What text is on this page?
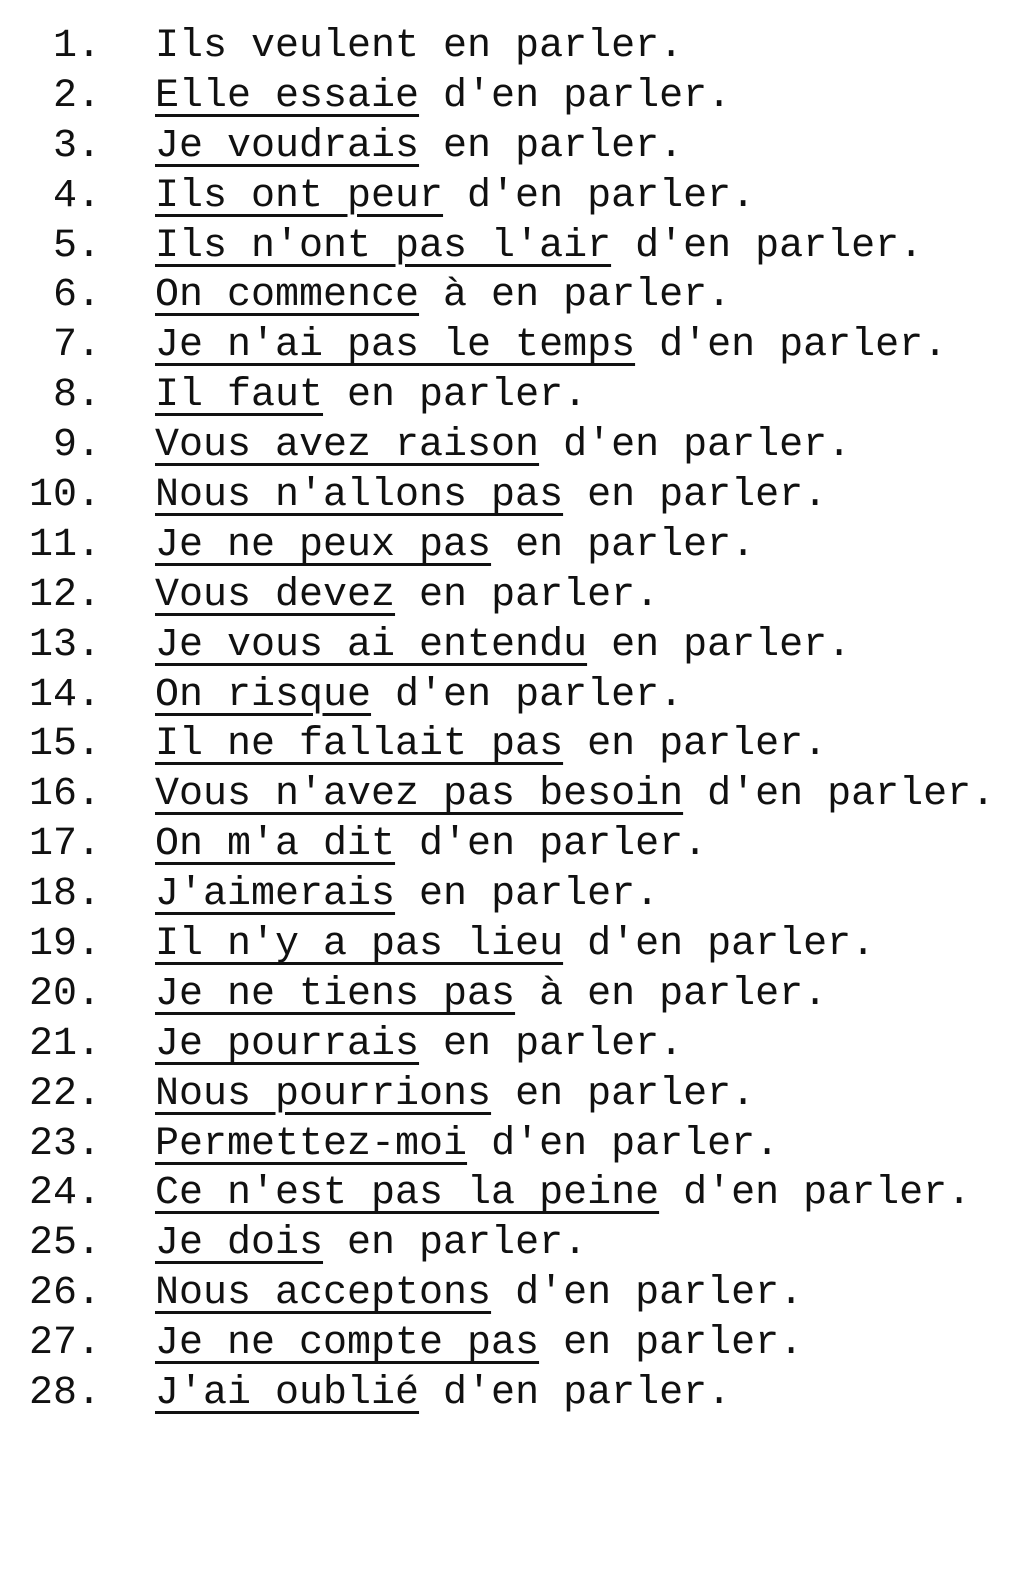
1.

Ils veulent en parler.

2.

Elle essaie d'en parler.

3.

Je voudrais en parler.

4.

Ils ont peur d'en parler.

5.

Ils n'ont pas l'air d'en parler.

6.

On commence à en parler.

7.

Je n'ai pas le temps d'en parler.

8.

Il faut en parler.

9.

Vous avez raison d'en parler.

10.

Nous n'allons pas en parler.

11.

Je ne peux pas en parler.

12.

Vous devez en parler.

13.

Je vous ai entendu en parler.

14.

On risque d'en parler.

15.

Il ne fallait pas en parler.

16.

Vous n'avez pas besoin d'en parler.

17.

On m'a dit d'en parler.

18.

J'aimerais en parler.

19.

Il n'y a pas lieu d'en parler.

20.

Je ne tiens pas à en parler.

21.

Je pourrais en parler.

22.

Nous pourrions en parler.

23.

Permettez-moi d'en parler.

24.

Ce n'est pas la peine d'en parler.

25.

Je dois en parler.

26.

Nous acceptons d'en parler.

27.

Je ne compte pas en parler.

28.

J'ai oublié d'en parler.
